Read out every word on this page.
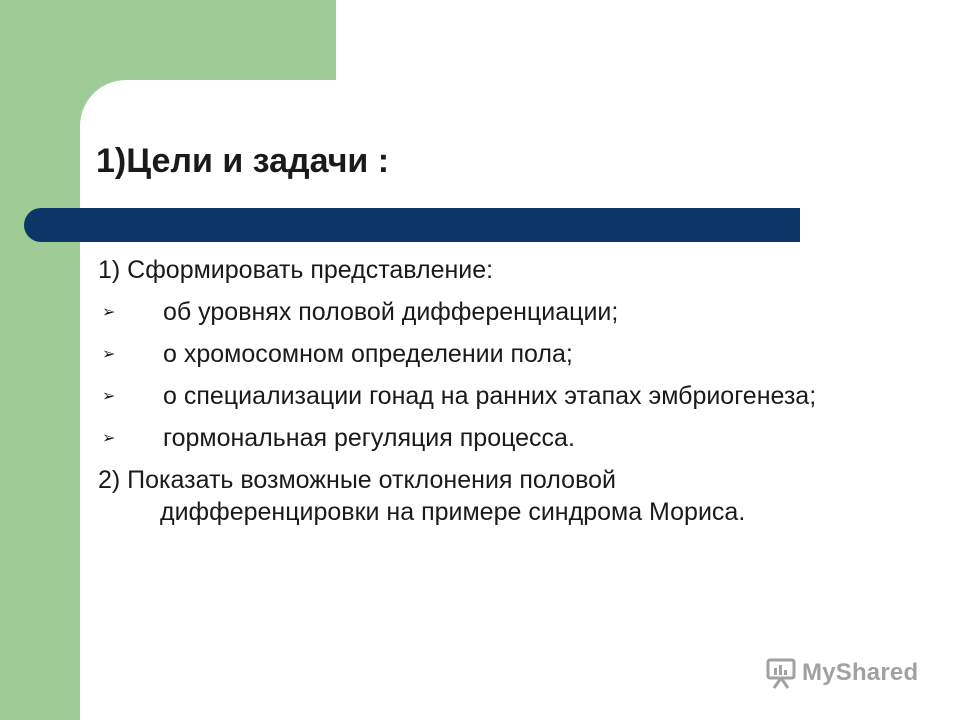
1)Цели и задачи :

1) Сформировать представление:

➢ об уровнях половой дифференциации;
➢ о хромосомном определении пола;
➢ о специализации гонад на ранних этапах эмбриогенеза;
➢ гормональная регуляция процесса.

2) Показать возможные отклонения половой дифференцировки на примере синдрома Мориса.

MyShared
